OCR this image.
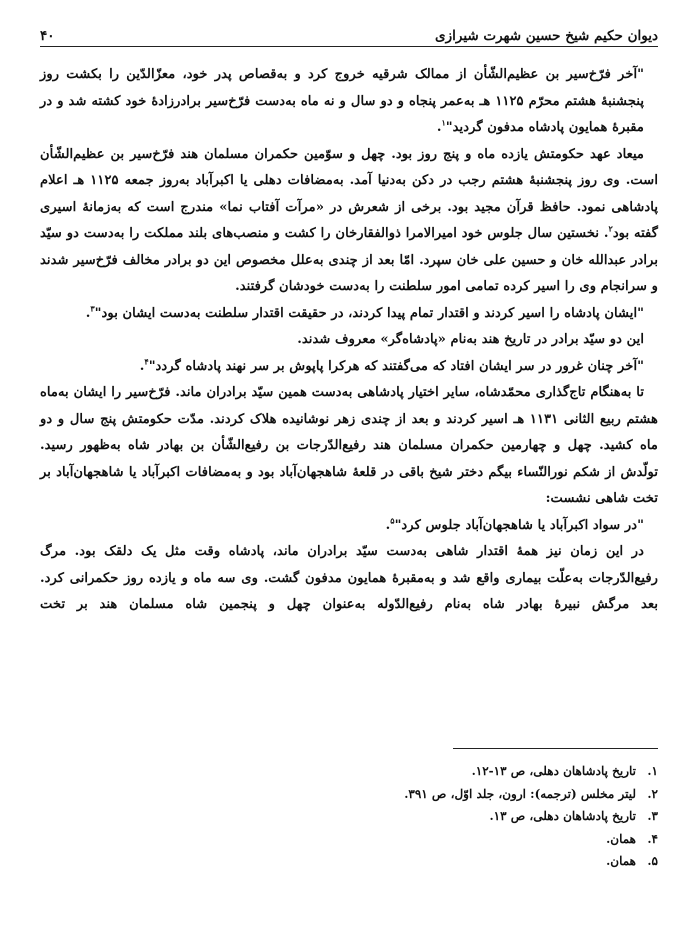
دیوان حکیم شیخ حسین شهرت شیرازی
۴۰

"آخر فرّخ‌سیر بن عظیم‌الشّأن از ممالک شرقیه خروج کرد و به‌قصاص پدر خود، معزّالدّین را بکشت روز پنجشنبهٔ هشتم محرّم ۱۱۲۵ هـ به‌عمر پنجاه و دو سال و نه ماه به‌دست فرّخ‌سیر برادرزادهٔ خود کشته شد و در مقبرهٔ همایون پادشاه مدفون گردید"$^۱$.

میعاد عهد حکومتش یازده ماه و پنج روز بود. چهل و سوّمین حکمران مسلمان هند فرّخ‌سیر بن عظیم‌الشّأن است. وی روز پنجشنبهٔ هشتم رجب در دکن به‌دنیا آمد. به‌مضافات دهلی یا اکبرآباد به‌روز جمعه ۱۱۲۵ هـ اعلام پادشاهی نمود. حافظ قرآن مجید بود. برخی از شعرش در «مرآت آفتاب نما» مندرج است که به‌زمانهٔ اسیری گفته بود$^۲$. نخستین سال جلوس خود امیرالامرا ذوالفقارخان را کشت و منصب‌های بلند مملکت را به‌دست دو سیّد برادر عبدالله خان و حسین علی خان سپرد. امّا بعد از چندی به‌علل مخصوص این دو برادر مخالف فرّخ‌سیر شدند و سرانجام وی را اسیر کرده تمامی امور سلطنت را به‌دست خودشان گرفتند.

"ایشان پادشاه را اسیر کردند و اقتدار تمام پیدا کردند، در حقیقت اقتدار سلطنت به‌دست ایشان بود"$^۳$.

این دو سیّد برادر در تاریخ هند به‌نام «پادشاه‌گر» معروف شدند.

"آخر چنان غرور در سر ایشان افتاد که می‌گفتند که هرکرا پاپوش بر سر نهند پادشاه گردد"$^۴$.

تا به‌هنگام تاج‌گذاری محمّدشاه، سایر اختیار پادشاهی به‌دست همین سیّد برادران ماند. فرّخ‌سیر را ایشان به‌ماه هشتم ربیع الثانی ۱۱۳۱ هـ اسیر کردند و بعد از چندی زهر نوشانیده هلاک کردند. مدّت حکومتش پنج سال و دو ماه کشید. چهل و چهارمین حکمران مسلمان هند رفیع‌الدّرجات بن رفیع‌الشّأن بن بهادر شاه به‌ظهور رسید. تولّدش از شکم نورالنّساء بیگم دختر شیخ باقی در قلعهٔ شاهجهان‌آباد بود و به‌مضافات اکبرآباد یا شاهجهان‌آباد بر تخت شاهی نشست:

"در سواد اکبرآباد یا شاهجهان‌آباد جلوس کرد"$^۵$.

در این زمان نیز همهٔ اقتدار شاهی به‌دست سیّد برادران ماند، پادشاه وقت مثل یک دلقک بود. مرگ رفیع‌الدّرجات به‌علّت بیماری واقع شد و به‌مقبرهٔ همایون مدفون گشت. وی سه ماه و یازده روز حکمرانی کرد. بعد مرگش نبیرهٔ بهادر شاه به‌نام رفیع‌الدّوله به‌عنوان چهل و پنجمین شاه مسلمان هند بر تخت

۱.
تاریخ پادشاهان دهلی، ص ۱۳-۱۲.
۲.
لیتر مخلس (ترجمه): ارون، جلد اوّل، ص ۳۹۱.
۳.
تاریخ پادشاهان دهلی، ص ۱۳.
۴.
همان.
۵.
همان.
